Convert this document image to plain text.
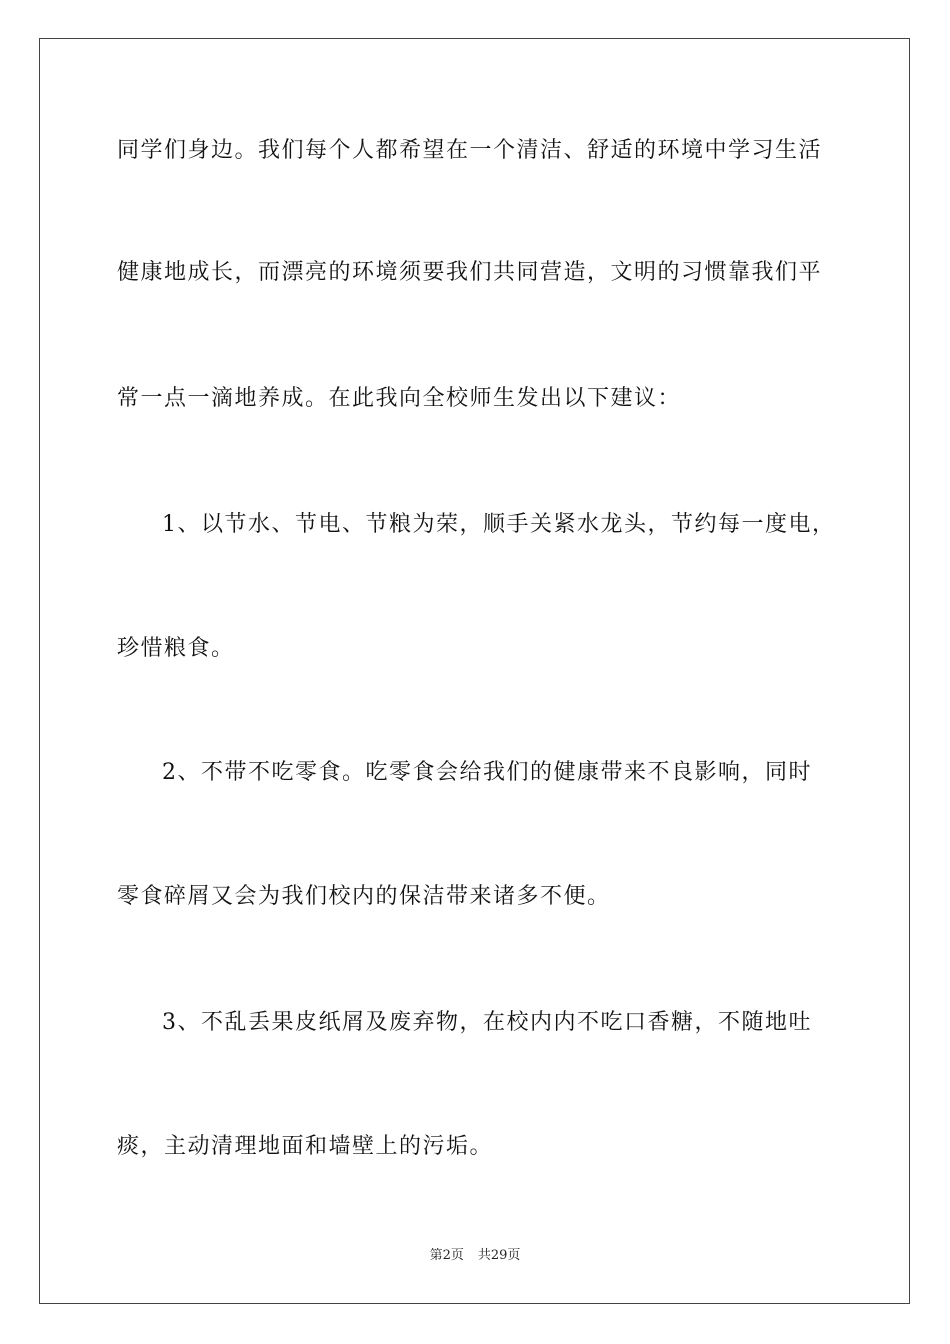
同学们身边。我们每个人都希望在一个清洁、舒适的环境中学习生活
健康地成长，而漂亮的环境须要我们共同营造，文明的习惯靠我们平
常一点一滴地养成。在此我向全校师生发出以下建议：
1、以节水、节电、节粮为荣，顺手关紧水龙头，节约每一度电，
珍惜粮食。
2、不带不吃零食。吃零食会给我们的健康带来不良影响，同时
零食碎屑又会为我们校内的保洁带来诸多不便。
3、不乱丢果皮纸屑及废弃物，在校内内不吃口香糖，不随地吐
痰，主动清理地面和墙壁上的污垢。
第2页 共29页
